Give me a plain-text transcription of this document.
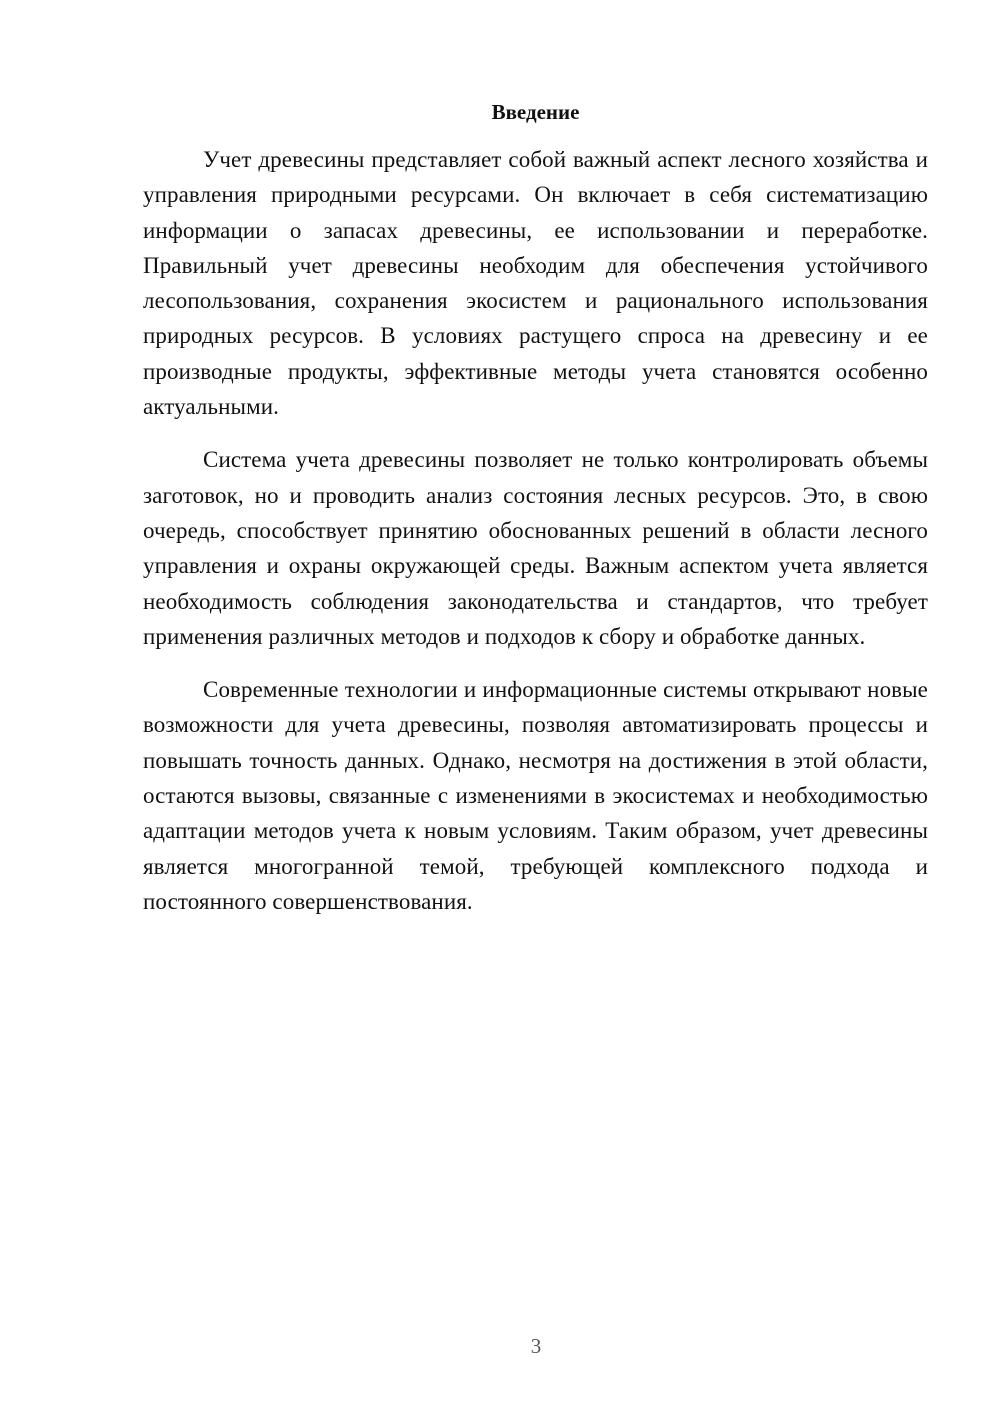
Введение

Учет древесины представляет собой важный аспект лесного хозяйства и управления природными ресурсами. Он включает в себя систематизацию информации о запасах древесины, ее использовании и переработке. Правильный учет древесины необходим для обеспечения устойчивого лесопользования, сохранения экосистем и рационального использования природных ресурсов. В условиях растущего спроса на древесину и ее производные продукты, эффективные методы учета становятся особенно актуальными.

Система учета древесины позволяет не только контролировать объемы заготовок, но и проводить анализ состояния лесных ресурсов. Это, в свою очередь, способствует принятию обоснованных решений в области лесного управления и охраны окружающей среды. Важным аспектом учета является необходимость соблюдения законодательства и стандартов, что требует применения различных методов и подходов к сбору и обработке данных.

Современные технологии и информационные системы открывают новые возможности для учета древесины, позволяя автоматизировать процессы и повышать точность данных. Однако, несмотря на достижения в этой области, остаются вызовы, связанные с изменениями в экосистемах и необходимостью адаптации методов учета к новым условиям. Таким образом, учет древесины является многогранной темой, требующей комплексного подхода и постоянного совершенствования.

3
